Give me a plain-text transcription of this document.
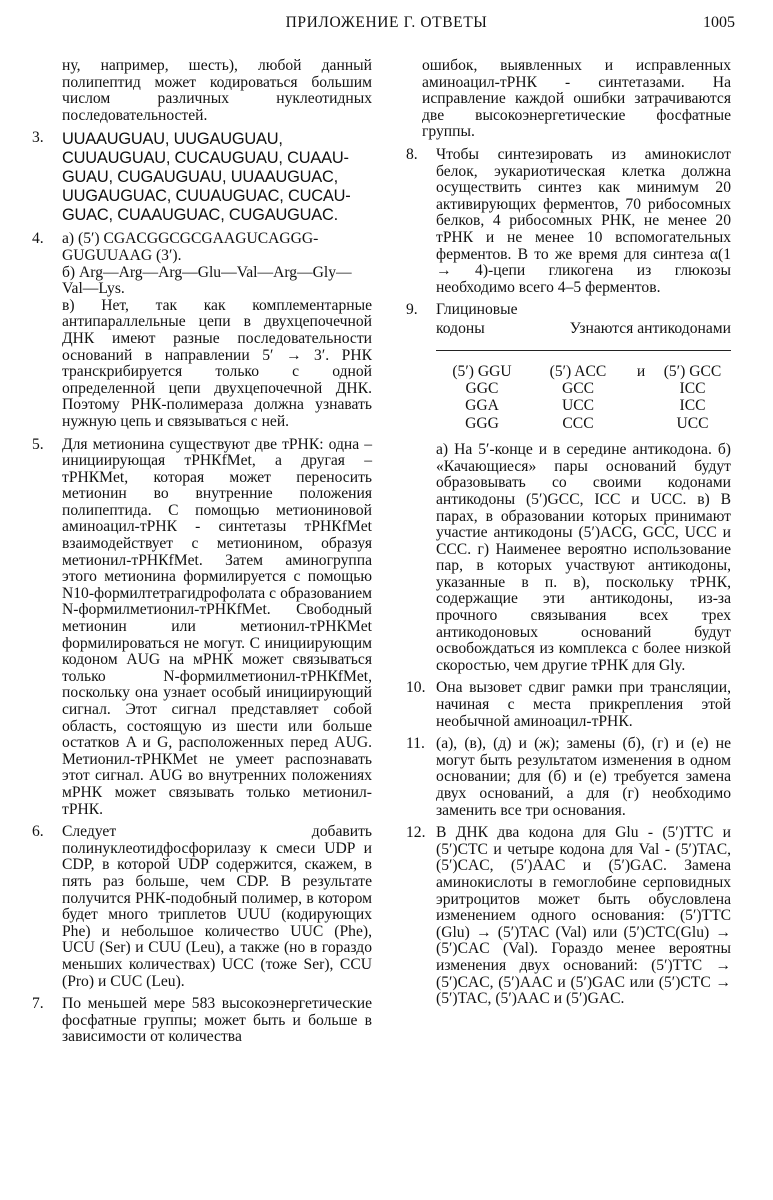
ПРИЛОЖЕНИЕ Г. ОТВЕТЫ	1005
ну, например, шесть), любой данный полипептид может кодироваться большим числом различных нуклеотидных последовательностей.
3. UUAAUGUAU, UUGAUGUAU,
CUUAUGUAU, CUCAUGUAU, CUAAU-
GUAU, CUGAUGUAU, UUAAUGUAC,
UUGAUGUAC, CUUAUGUAC, CUCAU-
GUAC, CUAAUGUAC, CUGAUGUAC.
4. а) (5′) CGACGGCGCGAAGUCAGGG-GUGUUAAG (3′).
б) Arg—Arg—Arg—Glu—Val—Arg—Gly—Val—Lys.
в) Нет, так как комплементарные антипараллельные цепи в двухцепочечной ДНК имеют разные последовательности оснований в направлении 5′ → 3′. РНК транскрибируется только с одной определенной цепи двухцепочечной ДНК. Поэтому РНК-полимераза должна узнавать нужную цепь и связываться с ней.
5. Для метионина существуют две тРНК: одна – инициирующая тРНКfMet, а другая – тРНКMet, которая может переносить метионин во внутренние положения полипептида. С помощью метиониновой аминоацил-тРНК - синтетазы тРНКfMet взаимодействует с метионином, образуя метионил-тРНКfMet. Затем аминогруппа этого метионина формилируется с помощью N10-формилтетрагидрофолата с образованием N-формилметионил-тРНКfMet. Свободный метионин или метионил-тРНКMet формилироваться не могут. С инициирующим кодоном AUG на мРНК может связываться только N-формилметионил-тРНКfMet, поскольку она узнает особый инициирующий сигнал. Этот сигнал представляет собой область, состоящую из шести или больше остатков A и G, расположенных перед AUG. Метионил-тРНКMet не умеет распознавать этот сигнал. AUG во внутренних положениях мРНК может связывать только метионил-тРНК.
6. Следует добавить полинуклеотидфосфорилазу к смеси UDP и CDP, в которой UDP содержится, скажем, в пять раз больше, чем CDP. В результате получится РНК-подобный полимер, в котором будет много триплетов UUU (кодирующих Phe) и небольшое количество UUC (Phe), UCU (Ser) и CUU (Leu), а также (но в гораздо меньших количествах) UCC (тоже Ser), CCU (Pro) и CUC (Leu).
7. По меньшей мере 583 высокоэнергетические фосфатные группы; может быть и больше в зависимости от количества
ошибок, выявленных и исправленных аминоацил-тРНК - синтетазами. На исправление каждой ошибки затрачиваются две высокоэнергетические фосфатные группы.
8. Чтобы синтезировать из аминокислот белок, эукариотическая клетка должна осуществить синтез как минимум 20 активирующих ферментов, 70 рибосомных белков, 4 рибосомных РНК, не менее 20 тРНК и не менее 10 вспомогательных ферментов. В то же время для синтеза α(1 → 4)-цепи гликогена из глюкозы необходимо всего 4–5 ферментов.
9. Глициновые
кодоны	Узнаются антикодонами
(5′) GGU	(5′) ACC	и	(5′) GCC
GGC	GCC		ICC
GGA	UCC		ICC
GGG	CCC		UCC
а) На 5′-конце и в середине антикодона. б) «Качающиеся» пары оснований будут образовывать со своими кодонами антикодоны (5′)GCC, ICC и UCC. в) В парах, в образовании которых принимают участие антикодоны (5′)ACG, GCC, UCC и CCC. г) Наименее вероятно использование пар, в которых участвуют антикодоны, указанные в п. в), поскольку тРНК, содержащие эти антикодоны, из-за прочного связывания всех трех антикодоновых оснований будут освобождаться из комплекса с более низкой скоростью, чем другие тРНК для Gly.
10. Она вызовет сдвиг рамки при трансляции, начиная с места прикрепления этой необычной аминоацил-тРНК.
11. (а), (в), (д) и (ж); замены (б), (г) и (е) не могут быть результатом изменения в одном основании; для (б) и (е) требуется замена двух оснований, а для (г) необходимо заменить все три основания.
12. В ДНК два кодона для Glu - (5′)TTC и (5′)CTC и четыре кодона для Val - (5′)TAC, (5′)CAC, (5′)AAC и (5′)GAC. Замена аминокислоты в гемоглобине серповидных эритроцитов может быть обусловлена изменением одного основания: (5′)TTC (Glu) → (5′)TAC (Val) или (5′)CTC(Glu) → (5′)CAC (Val). Гораздо менее вероятны изменения двух оснований: (5′)TTC → (5′)CAC, (5′)AAC и (5′)GAC или (5′)CTC → (5′)TAC, (5′)AAC и (5′)GAC.
